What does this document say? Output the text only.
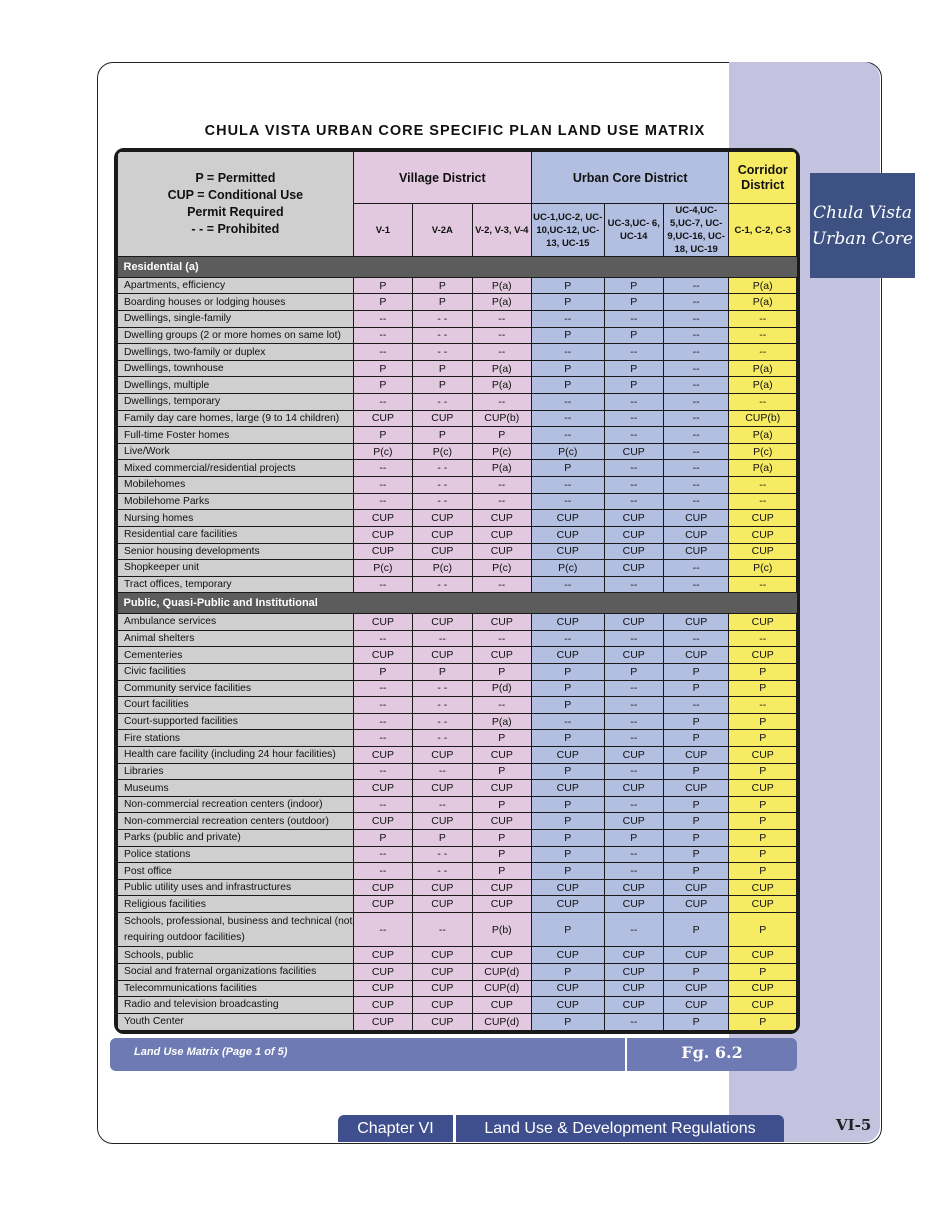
Chula Vista
Urban Core
CHULA VISTA URBAN CORE SPECIFIC PLAN LAND USE MATRIX
P = Permitted
CUP = Conditional Use
Permit Required
- - = Prohibited	Village District			Urban Core District			Corridor District
	V-1	V-2A	V-2, V-3, V-4	UC-1,UC-2, UC-10,UC-12, UC-13, UC-15	UC-3,UC- 6, UC-14	UC-4,UC-5,UC-7, UC-9,UC-16, UC-18, UC-19	C-1, C-2, C-3
Residential (a)							
Apartments, efficiency	P	P	P(a)	P	P	--	P(a)
Boarding houses or lodging houses	P	P	P(a)	P	P	--	P(a)
Dwellings, single-family	--	- -	--	--	--	--	--
Dwelling groups (2 or more homes on same lot)	--	- -	--	P	P	--	--
Dwellings, two-family or duplex	--	- -	--	--	--	--	--
Dwellings, townhouse	P	P	P(a)	P	P	--	P(a)
Dwellings, multiple	P	P	P(a)	P	P	--	P(a)
Dwellings, temporary	--	- -	--	--	--	--	--
Family day care homes, large (9 to 14 children)	CUP	CUP	CUP(b)	--	--	--	CUP(b)
Full-time Foster homes	P	P	P	--	--	--	P(a)
Live/Work	P(c)	P(c)	P(c)	P(c)	CUP	--	P(c)
Mixed commercial/residential projects	--	- -	P(a)	P	--	--	P(a)
Mobilehomes	--	- -	--	--	--	--	--
Mobilehome Parks	--	- -	--	--	--	--	--
Nursing homes	CUP	CUP	CUP	CUP	CUP	CUP	CUP
Residential care facilities	CUP	CUP	CUP	CUP	CUP	CUP	CUP
Senior housing developments	CUP	CUP	CUP	CUP	CUP	CUP	CUP
Shopkeeper unit	P(c)	P(c)	P(c)	P(c)	CUP	--	P(c)
Tract offices, temporary	--	- -	--	--	--	--	--
Public, Quasi-Public and Institutional							
Ambulance services	CUP	CUP	CUP	CUP	CUP	CUP	CUP
Animal shelters	--	--	--	--	--	--	--
Cementeries	CUP	CUP	CUP	CUP	CUP	CUP	CUP
Civic facilities	P	P	P	P	P	P	P
Community service facilities	--	- -	P(d)	P	--	P	P
Court facilities	--	- -	--	P	--	--	--
Court-supported facilities	--	- -	P(a)	--	--	P	P
Fire stations	--	- -	P	P	--	P	P
Health care facility (including 24 hour facilities)	CUP	CUP	CUP	CUP	CUP	CUP	CUP
Libraries	--	--	P	P	--	P	P
Museums	CUP	CUP	CUP	CUP	CUP	CUP	CUP
Non-commercial recreation centers (indoor)	--	--	P	P	--	P	P
Non-commercial recreation centers (outdoor)	CUP	CUP	CUP	P	CUP	P	P
Parks (public and private)	P	P	P	P	P	P	P
Police stations	--	- -	P	P	--	P	P
Post office	--	- -	P	P	--	P	P
Public utility uses and infrastructures	CUP	CUP	CUP	CUP	CUP	CUP	CUP
Religious facilities	CUP	CUP	CUP	CUP	CUP	CUP	CUP
Schools, professional, business and technical (not requiring outdoor facilities)	--	--	P(b)	P	--	P	P
Schools, public	CUP	CUP	CUP	CUP	CUP	CUP	CUP
Social and fraternal organizations facilities	CUP	CUP	CUP(d)	P	CUP	P	P
Telecommunications facilities	CUP	CUP	CUP(d)	CUP	CUP	CUP	CUP
Radio and television broadcasting	CUP	CUP	CUP	CUP	CUP	CUP	CUP
Youth Center	CUP	CUP	CUP(d)	P	--	P	P
Land Use Matrix (Page 1 of 5)	Fg. 6.2
Chapter VI	Land Use & Development Regulations	VI-5
